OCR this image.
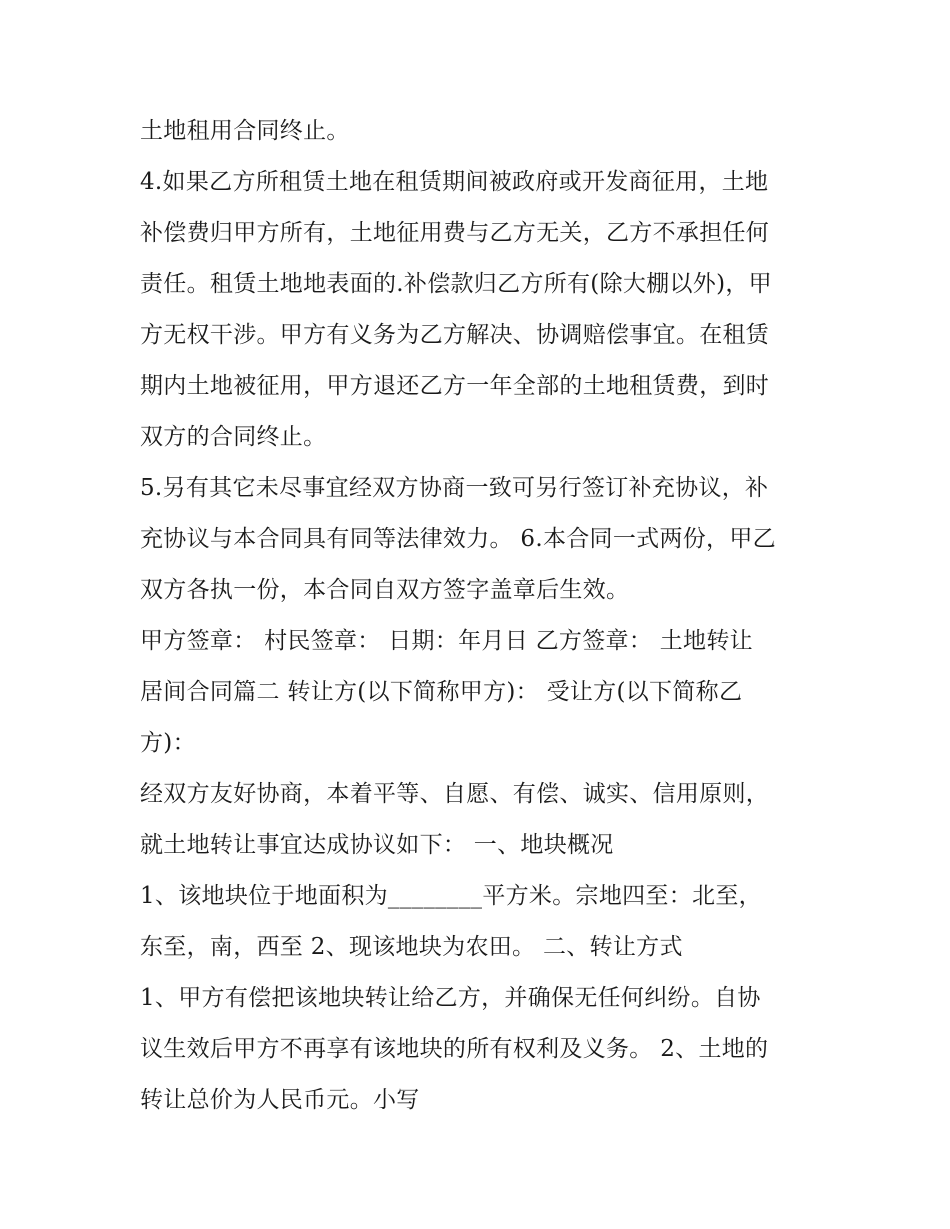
土地租用合同终止。
4.如果乙方所租赁土地在租赁期间被政府或开发商征用，土地
补偿费归甲方所有，土地征用费与乙方无关，乙方不承担任何
责任。租赁土地地表面的.补偿款归乙方所有(除大棚以外)，甲
方无权干涉。甲方有义务为乙方解决、协调赔偿事宜。在租赁
期内土地被征用，甲方退还乙方一年全部的土地租赁费，到时
双方的合同终止。
5.另有其它未尽事宜经双方协商一致可另行签订补充协议，补
充协议与本合同具有同等法律效力。 6.本合同一式两份，甲乙
双方各执一份，本合同自双方签字盖章后生效。
甲方签章： 村民签章： 日期：年月日 乙方签章： 土地转让
居间合同篇二 转让方(以下简称甲方)： 受让方(以下简称乙
方)：
经双方友好协商，本着平等、自愿、有偿、诚实、信用原则，
就土地转让事宜达成协议如下： 一、地块概况
1、该地块位于地面积为________平方米。宗地四至：北至，
东至，南，西至 2、现该地块为农田。 二、转让方式
1、甲方有偿把该地块转让给乙方，并确保无任何纠纷。自协
议生效后甲方不再享有该地块的所有权利及义务。 2、土地的
转让总价为人民币元。小写
